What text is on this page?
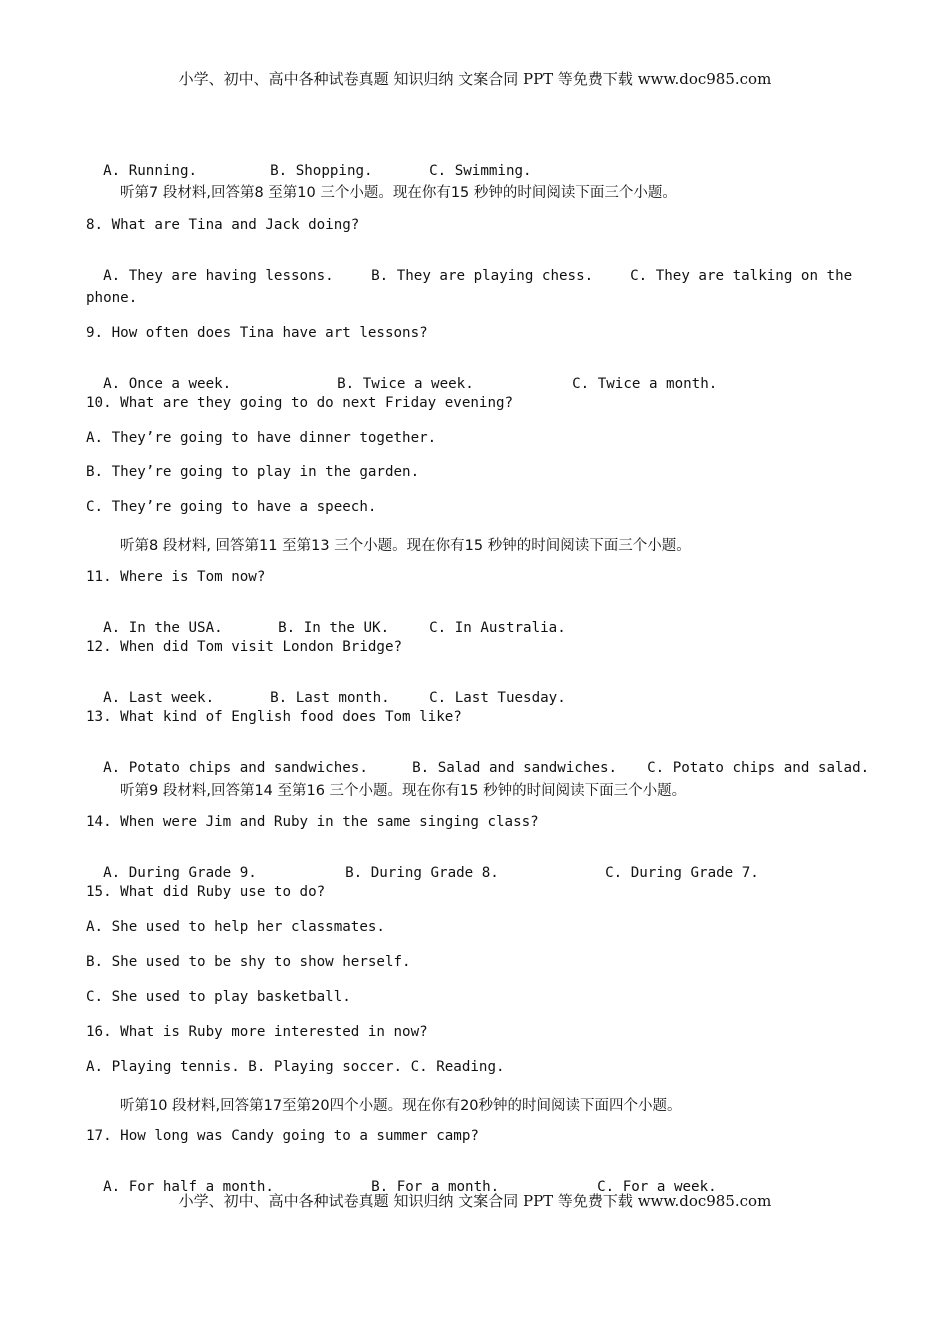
小学、初中、高中各种试卷真题 知识归纳 文案合同 PPT 等免费下载 www.doc985.com

A. Running.	B. Shopping.	C. Swimming.

听第7 段材料,回答第8 至第10 三个小题。现在你有15 秒钟的时间阅读下面三个小题。
8. What are Tina and Jack doing?

A. They are having lessons.	B. They are playing chess.	C. They are talking on the

phone.
9. How often does Tina have art lessons?

A. Once a week.	B. Twice a week.	C. Twice a month.

10. What are they going to do next Friday evening?
A. They’re going to have dinner together.
B. They’re going to play in the garden.
C. They’re going to have a speech.
听第8 段材料, 回答第11 至第13 三个小题。现在你有15 秒钟的时间阅读下面三个小题。
11. Where is Tom now?

A. In the USA.	B. In the UK.	C. In Australia.

12. When did Tom visit London Bridge?

A. Last week.	B. Last month.	C. Last Tuesday.

13. What kind of English food does Tom like?

A. Potato chips and sandwiches.	B. Salad and sandwiches. C. Potato chips and salad.

听第9 段材料,回答第14 至第16 三个小题。现在你有15 秒钟的时间阅读下面三个小题。
14. When were Jim and Ruby in the same singing class?

A. During Grade 9.	B. During Grade 8.	C. During Grade 7.

15. What did Ruby use to do?
A. She used to help her classmates.
B. She used to be shy to show herself.
C. She used to play basketball.
16. What is Ruby more interested in now?
A. Playing tennis. B. Playing soccer. C. Reading.
听第10 段材料,回答第17至第20四个小题。现在你有20秒钟的时间阅读下面四个小题。
17. How long was Candy going to a summer camp?

A. For half a month.	B. For a month.	C. For a week.

小学、初中、高中各种试卷真题 知识归纳 文案合同 PPT 等免费下载 www.doc985.com
